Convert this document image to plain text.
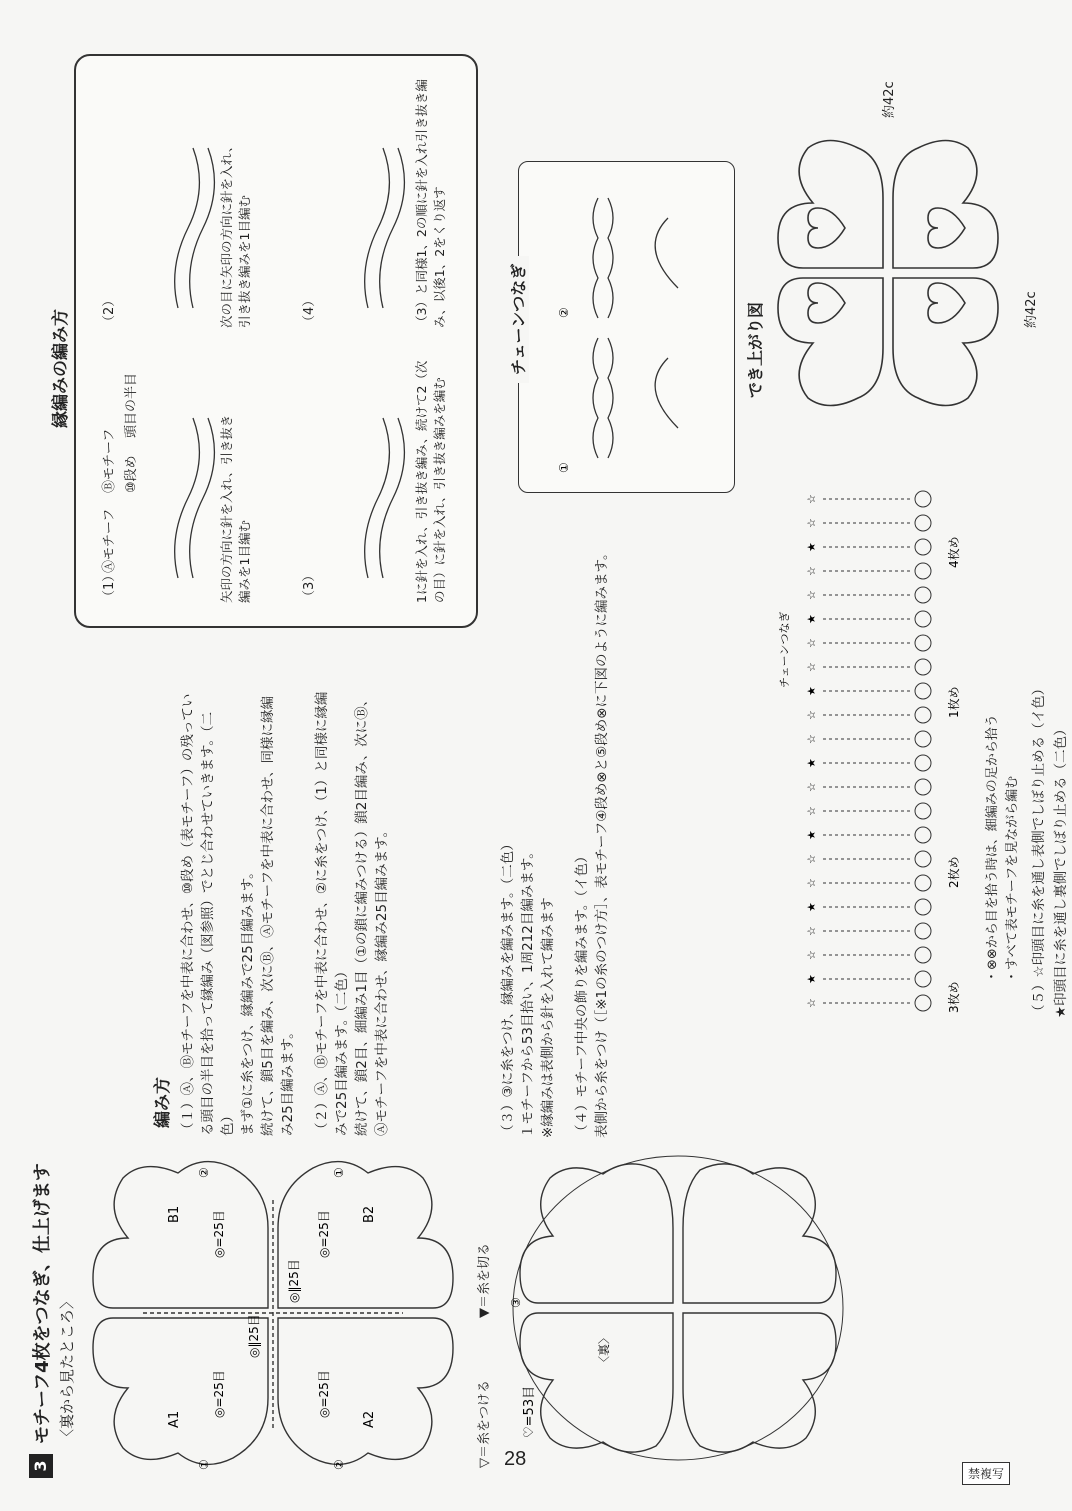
28
禁複写
3
モチーフ4枚をつなぎ、仕上げます 〈裏から見たところ〉	A1
B1
A2
B2
◎=25目
◎=25目
◎=25目
◎=25目
◎‖25目
◎‖25目
①
②	①
②	▽＝糸をつける
▼＝糸を切る
♡=53目
〈裏〉
③
編み方 （１）Ⓐ、Ⓑモチーフを中表に合わせ、⑩段め（表モチーフ）の残っている頭目の半目を拾って縁編み（図参照）でとじ合わせていきます。（二色）
まず①に糸をつけ、縁編みで25目編みます。
続けて、鎖5目を編み、次にⒷ、Ⓐモチーフを中表に合わせ、同様に縁編み25目編みます。 （２）Ⓐ、Ⓑモチーフを中表に合わせ、②に糸をつけ、（1）と同様に縁編みで25目編みます。（二色）
続けて、鎖2目、細編み1目（①の鎖に編みつける）鎖2目編み、次にⒷ、Ⓐモチーフを中表に合わせ、縁編み25目編みます。	（３）③に糸をつけ、縁編みを編みます。（二色）
１モチーフから53目拾い、1周212目編みます。
※縁編みは表側から針を入れて編みます （４）モチーフ中央の飾りを編みます。（イ色）
表側から糸をつけ（［※1の糸のつけ方］、表モチーフ④段め⊗と⑤段め⊗に下図のように編みます。	☆
★
☆
☆
★
☆
☆
★
☆
☆
★
☆
☆
★
☆
☆
★
☆
☆
★
☆
☆
3枚め
2枚め
1枚め
4枚め
チェーンつなぎ
・⊗⊗から目を拾う時は、細編みの足から拾う
・すべて表モチーフを見ながら編む （５）☆印頭目に糸を通し表側でしぼり止める（イ色） ★印頭目に糸を通し裏側でしぼり止める（二色）

縁編みの編み方
（1）
Ⓐモチーフ
Ⓑモチーフ ⑩段め
頭目の半目
矢印の方向に針を入れ、引き抜き編みを1目編む
（2）	次の目に矢印の方向に針を入れ、引き抜き編みを1目編む
（3）	1に針を入れ、引き抜き編み、続けて2（次の目）に針を入れ、引き抜き編みを編む
（4）	（3）と同様1、2の順に針を入れ引き抜き編み、以後1、2をくり返す	チェーンつなぎ
①
②	でき上がり図	約42c
約42c
